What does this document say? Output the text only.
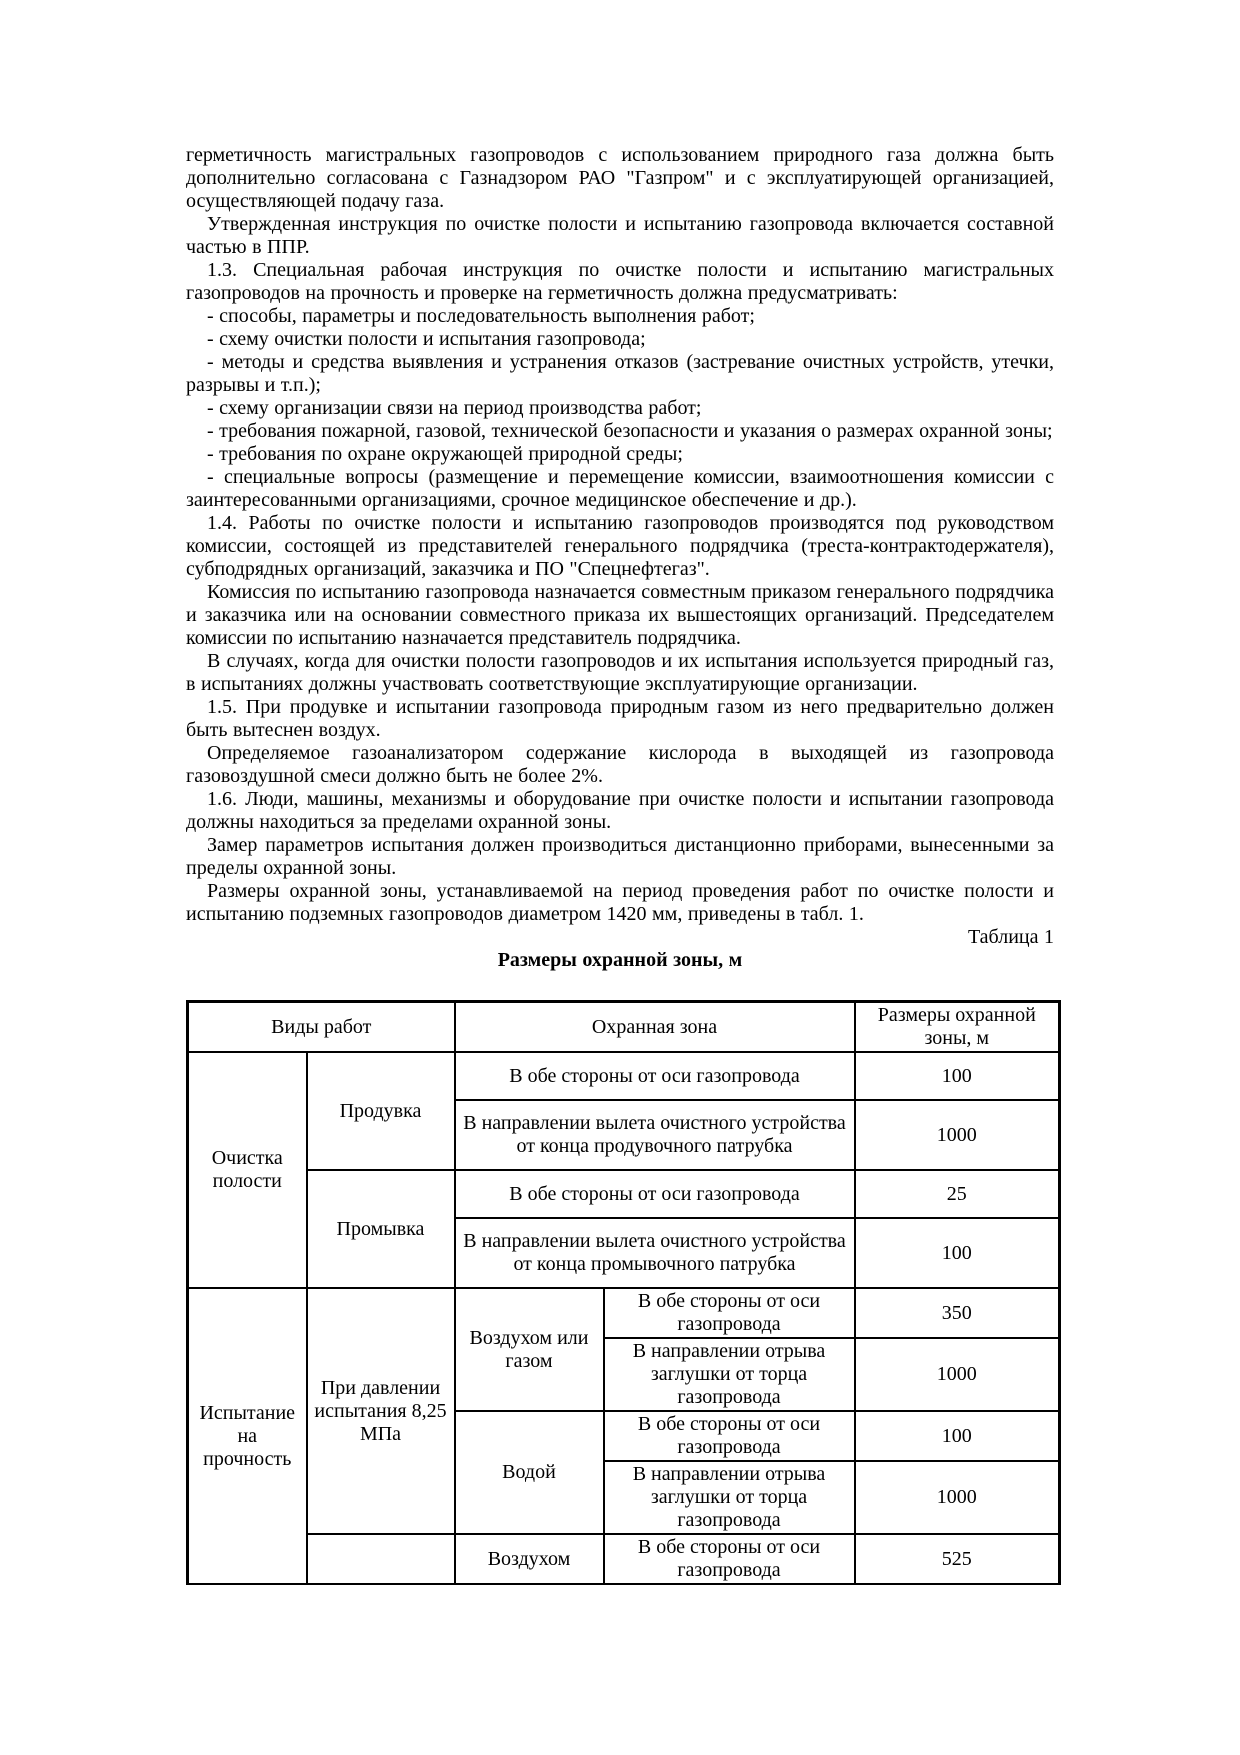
герметичность магистральных газопроводов с использованием природного газа должна быть дополнительно согласована с Газнадзором РАО "Газпром" и с эксплуатирующей организацией, осуществляющей подачу газа.

Утвержденная инструкция по очистке полости и испытанию газопровода включается составной частью в ППР.

1.3. Специальная рабочая инструкция по очистке полости и испытанию магистральных газопроводов на прочность и проверке на герметичность должна предусматривать:

- способы, параметры и последовательность выполнения работ;

- схему очистки полости и испытания газопровода;

- методы и средства выявления и устранения отказов (застревание очистных устройств, утечки, разрывы и т.п.);

- схему организации связи на период производства работ;

- требования пожарной, газовой, технической безопасности и указания о размерах охранной зоны;

- требования по охране окружающей природной среды;

- специальные вопросы (размещение и перемещение комиссии, взаимоотношения комиссии с заинтересованными организациями, срочное медицинское обеспечение и др.).

1.4. Работы по очистке полости и испытанию газопроводов производятся под руководством комиссии, состоящей из представителей генерального подрядчика (треста-контрактодержателя), субподрядных организаций, заказчика и ПО "Спецнефтегаз".

Комиссия по испытанию газопровода назначается совместным приказом генерального подрядчика и заказчика или на основании совместного приказа их вышестоящих организаций. Председателем комиссии по испытанию назначается представитель подрядчика.

В случаях, когда для очистки полости газопроводов и их испытания используется природный газ, в испытаниях должны участвовать соответствующие эксплуатирующие организации.

1.5. При продувке и испытании газопровода природным газом из него предварительно должен быть вытеснен воздух.

Определяемое газоанализатором содержание кислорода в выходящей из газопровода газовоздушной смеси должно быть не более 2%.

1.6. Люди, машины, механизмы и оборудование при очистке полости и испытании газопровода должны находиться за пределами охранной зоны.

Замер параметров испытания должен производиться дистанционно приборами, вынесенными за пределы охранной зоны.

Размеры охранной зоны, устанавливаемой на период проведения работ по очистке полости и испытанию подземных газопроводов диаметром 1420 мм, приведены в табл. 1.

Таблица 1

Размеры охранной зоны, м

Виды работ		Охранная зона		Размеры охранной зоны, м
Очистка полости	Продувка	В обе стороны от оси газопровода		100
		В направлении вылета очистного устройства от конца продувочного патрубка		1000
	Промывка	В обе стороны от оси газопровода		25
		В направлении вылета очистного устройства от конца промывочного патрубка		100
Испытание на прочность	При давлении испытания 8,25 МПа	Воздухом или газом	В обе стороны от оси газопровода	350
			В направлении отрыва заглушки от торца газопровода	1000
		Водой	В обе стороны от оси газопровода	100
			В направлении отрыва заглушки от торца газопровода	1000
		Воздухом	В обе стороны от оси газопровода	525
